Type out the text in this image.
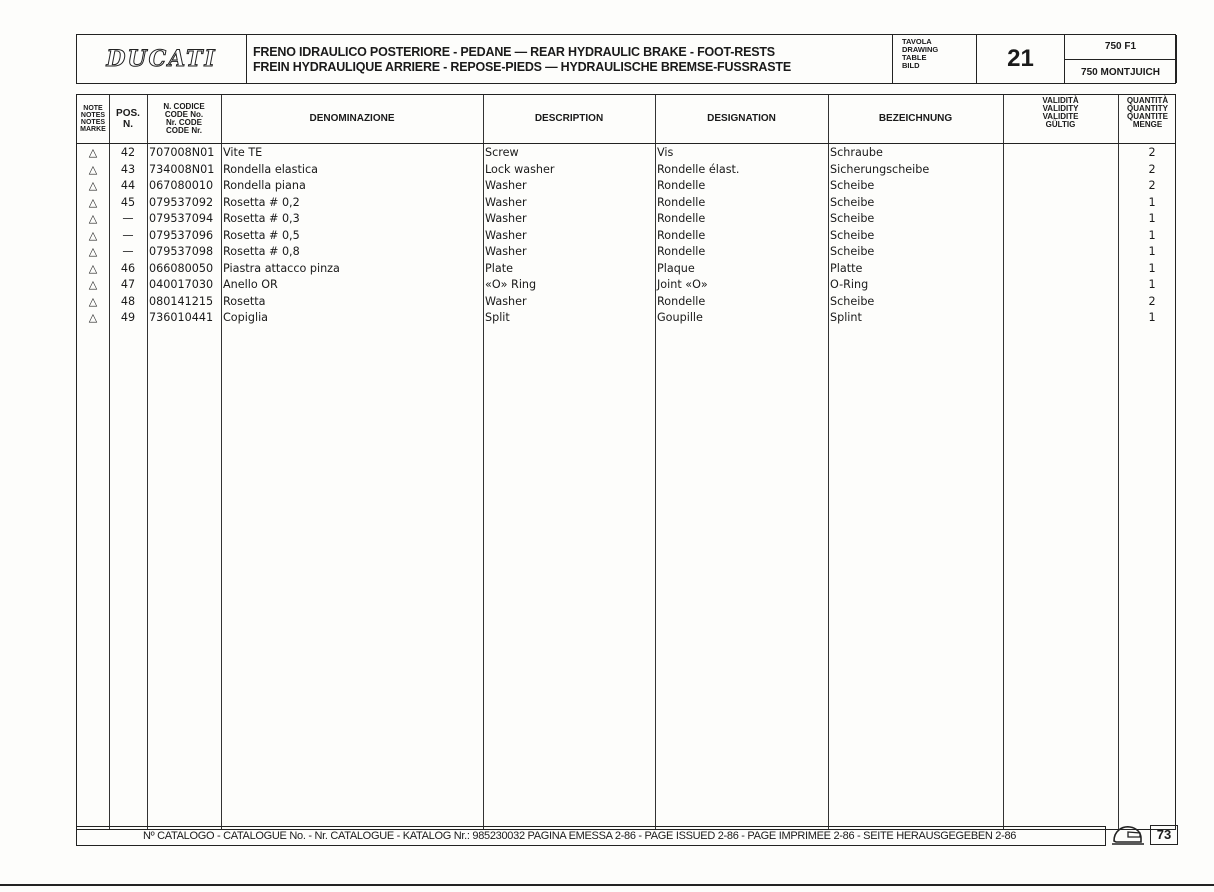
DUCATI	FRENO IDRAULICO POSTERIORE - PEDANE — REAR HYDRAULIC BRAKE - FOOT-RESTS
FREIN HYDRAULIQUE ARRIERE - REPOSE-PIEDS — HYDRAULISCHE BREMSE-FUSSRASTE
TAVOLA
DRAWING
TABLE
BILD	21	750 F1
750 MONTJUICH
NOTE
NOTES
NOTES
MARKE
POS.
N.
N. CODICE
CODE No.
Nr. CODE
CODE Nr.
DENOMINAZIONE	DESCRIPTION	DESIGNATION	BEZEICHNUNG
VALIDITÀ
VALIDITY
VALIDITE
GÜLTIG
QUANTITÀ
QUANTITY
QUANTITE
MENGE
△	42	707008N01 Vite TE	Screw	Vis	Schraube	2
△	43	734008N01 Rondella elastica	Lock washer	Rondelle élast.	Sicherungscheibe	2
△	44	067080010 Rondella piana	Washer	Rondelle	Scheibe	2
△	45	079537092 Rosetta # 0,2	Washer	Rondelle	Scheibe	1
△	—	079537094 Rosetta # 0,3	Washer	Rondelle	Scheibe	1
△	—	079537096 Rosetta # 0,5	Washer	Rondelle	Scheibe	1
△	—	079537098 Rosetta # 0,8	Washer	Rondelle	Scheibe	1
△	46	066080050 Piastra attacco pinza	Plate	Plaque	Platte	1
△	47	040017030 Anello OR	«O» Ring	Joint «O»	O-Ring	1
△	48	080141215 Rosetta	Washer	Rondelle	Scheibe	2
△	49	736010441 Copiglia	Split	Goupille	Splint	1
Nº CATALOGO - CATALOGUE No. - Nr. CATALOGUE - KATALOG Nr.: 985230032 PAGINA EMESSA 2-86 - PAGE ISSUED 2-86 - PAGE IMPRIMEE 2-86 - SEITE HERAUSGEGEBEN 2-86	73
